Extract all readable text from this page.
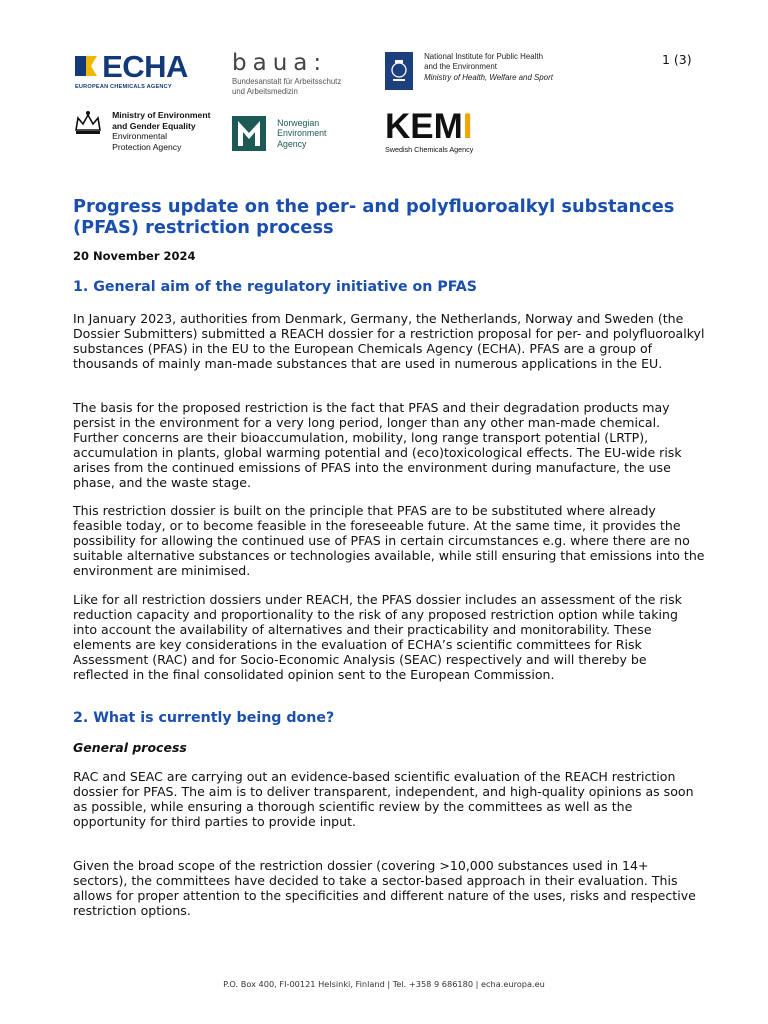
1 (3)
ECHA
EUROPEAN CHEMICALS AGENCY
baua:
Bundesanstalt für Arbeitsschutz
und Arbeitsmedizin

National Institute for Public Health
and the Environment
Ministry of Health, Welfare and Sport

Ministry of Environment
and Gender Equality
Environmental
Protection Agency

Norwegian
Environment
Agency	KEMI
Swedish Chemicals Agency
Progress update on the per- and polyfluoroalkyl substances (PFAS) restriction process

20 November 2024

1. General aim of the regulatory initiative on PFAS

In January 2023, authorities from Denmark, Germany, the Netherlands, Norway and Sweden (the Dossier Submitters) submitted a REACH dossier for a restriction proposal for per- and polyfluoroalkyl substances (PFAS) in the EU to the European Chemicals Agency (ECHA). PFAS are a group of thousands of mainly man-made substances that are used in numerous applications in the EU.

The basis for the proposed restriction is the fact that PFAS and their degradation products may persist in the environment for a very long period, longer than any other man-made chemical. Further concerns are their bioaccumulation, mobility, long range transport potential (LRTP), accumulation in plants, global warming potential and (eco)toxicological effects. The EU-wide risk arises from the continued emissions of PFAS into the environment during manufacture, the use phase, and the waste stage.

This restriction dossier is built on the principle that PFAS are to be substituted where already feasible today, or to become feasible in the foreseeable future. At the same time, it provides the possibility for allowing the continued use of PFAS in certain circumstances e.g. where there are no suitable alternative substances or technologies available, while still ensuring that emissions into the environment are minimised.

Like for all restriction dossiers under REACH, the PFAS dossier includes an assessment of the risk reduction capacity and proportionality to the risk of any proposed restriction option while taking into account the availability of alternatives and their practicability and monitorability. These elements are key considerations in the evaluation of ECHA’s scientific committees for Risk Assessment (RAC) and for Socio-Economic Analysis (SEAC) respectively and will thereby be reflected in the final consolidated opinion sent to the European Commission.

2. What is currently being done?
General process

RAC and SEAC are carrying out an evidence-based scientific evaluation of the REACH restriction dossier for PFAS. The aim is to deliver transparent, independent, and high-quality opinions as soon as possible, while ensuring a thorough scientific review by the committees as well as the opportunity for third parties to provide input.

Given the broad scope of the restriction dossier (covering >10,000 substances used in 14+ sectors), the committees have decided to take a sector-based approach in their evaluation. This allows for proper attention to the specificities and different nature of the uses, risks and respective restriction options.

P.O. Box 400, FI-00121 Helsinki, Finland | Tel. +358 9 686180 | echa.europa.eu
